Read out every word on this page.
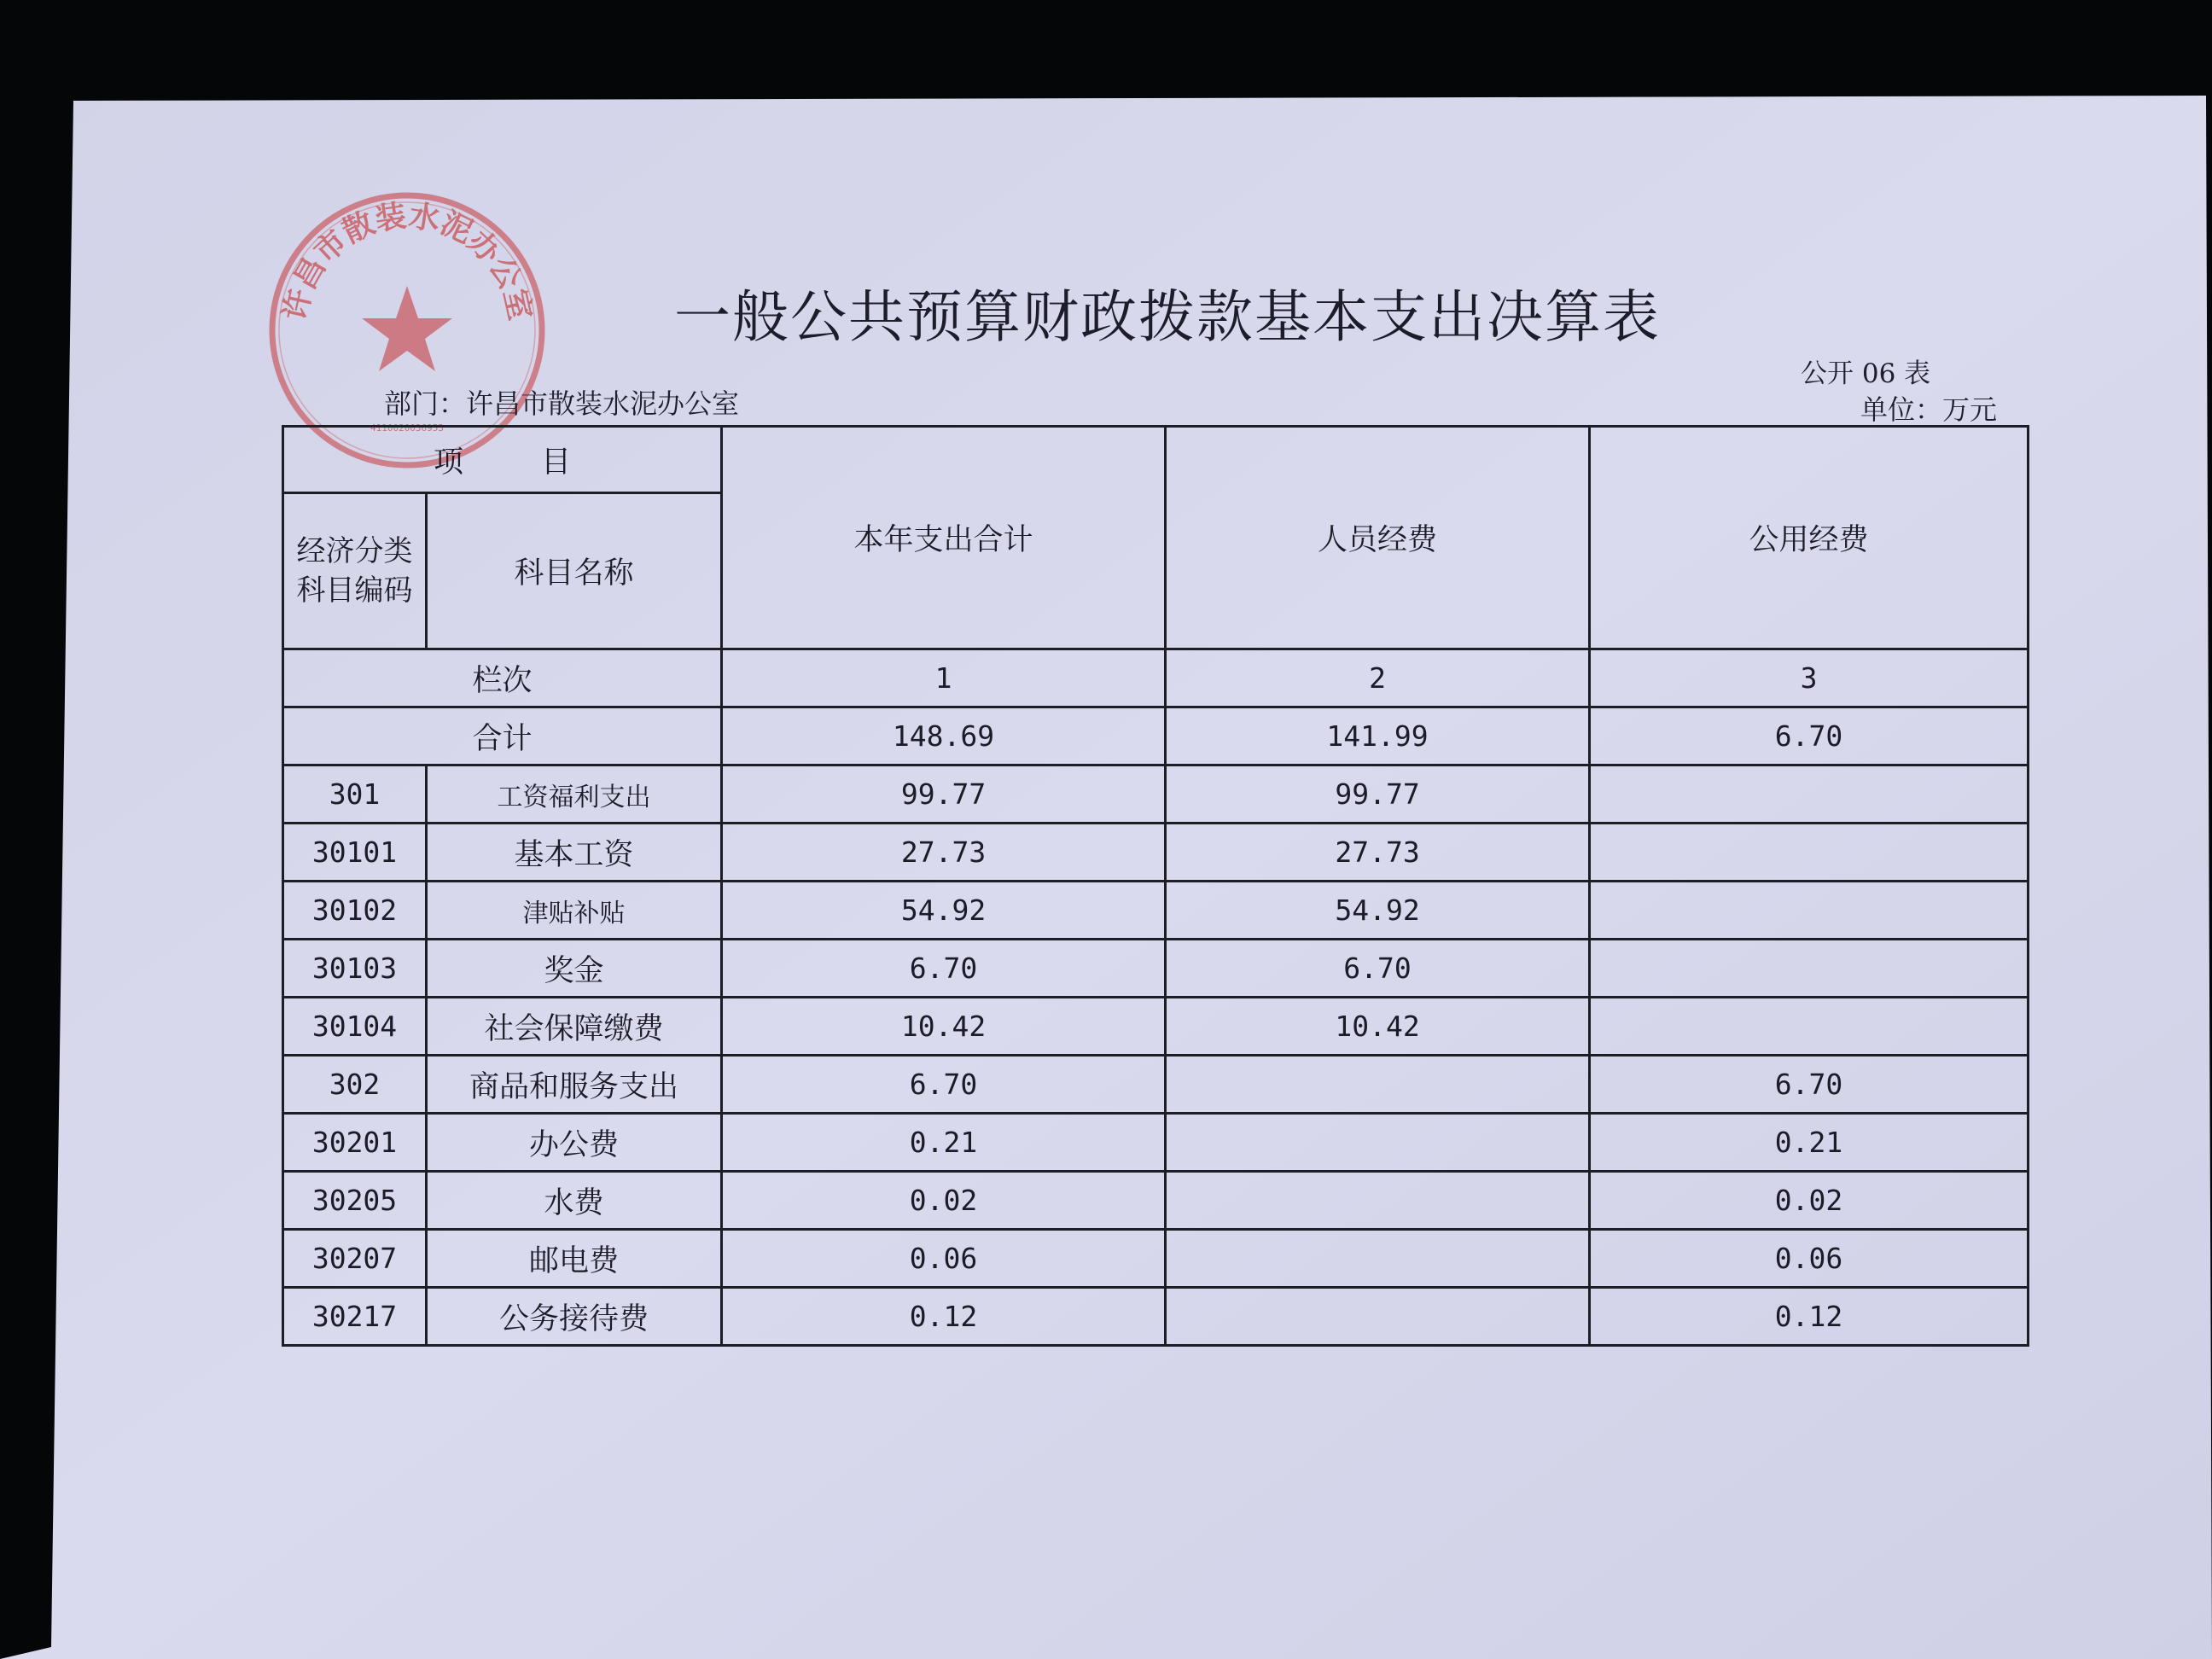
许昌市散装水泥办公室
4110020036953
一般公共预算财政拨款基本支出决算表
公开 06 表
部门：许昌市散装水泥办公室	单位：万元
项　目		本年支出合计	人员经费	公用经费
经济分类科目编码	科目名称			
栏次		1	2	3
合计		148.69	141.99	6.70
301	工资福利支出	99.77	99.77	
30101	基本工资	27.73	27.73	
30102	津贴补贴	54.92	54.92	
30103	奖金	6.70	6.70	
30104	社会保障缴费	10.42	10.42	
302	商品和服务支出	6.70		6.70
30201	办公费	0.21		0.21
30205	水费	0.02		0.02
30207	邮电费	0.06		0.06
30217	公务接待费	0.12		0.12
